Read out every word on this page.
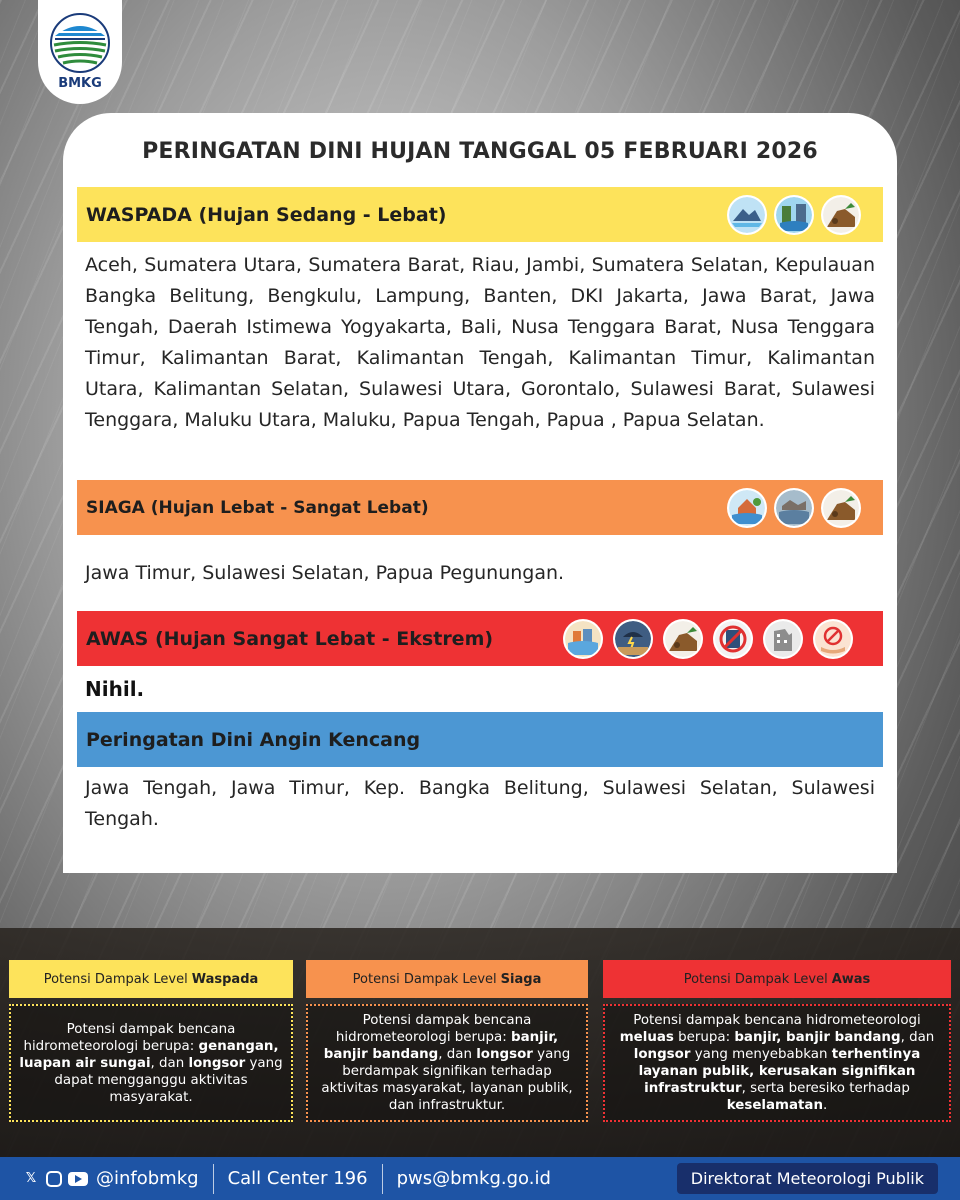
BMKG
PERINGATAN DINI HUJAN TANGGAL 05 FEBRUARI 2026
WASPADA (Hujan Sedang - Lebat)
Aceh, Sumatera Utara, Sumatera Barat, Riau, Jambi, Sumatera Selatan, Kepulauan Bangka Belitung, Bengkulu, Lampung, Banten, DKI Jakarta, Jawa Barat, Jawa Tengah, Daerah Istimewa Yogyakarta, Bali, Nusa Tenggara Barat, Nusa Tenggara Timur, Kalimantan Barat, Kalimantan Tengah, Kalimantan Timur, Kalimantan Utara, Kalimantan Selatan, Sulawesi Utara, Gorontalo, Sulawesi Barat, Sulawesi Tenggara, Maluku Utara, Maluku, Papua Tengah, Papua , Papua Selatan.
SIAGA (Hujan Lebat - Sangat Lebat)
Jawa Timur, Sulawesi Selatan, Papua Pegunungan.
AWAS (Hujan Sangat Lebat - Ekstrem)
Nihil.
Peringatan Dini Angin Kencang
Jawa Tengah, Jawa Timur, Kep. Bangka Belitung, Sulawesi Selatan, Sulawesi Tengah.
Potensi Dampak Level Waspada
Potensi dampak bencana hidrometeorologi berupa: genangan, luapan air sungai, dan longsor yang dapat mengganggu aktivitas masyarakat.
Potensi Dampak Level Siaga
Potensi dampak bencana hidrometeorologi berupa: banjir, banjir bandang, dan longsor yang berdampak signifikan terhadap aktivitas masyarakat, layanan publik, dan infrastruktur.
Potensi Dampak Level Awas
Potensi dampak bencana hidrometeorologi meluas berupa: banjir, banjir bandang, dan longsor yang menyebabkan terhentinya layanan publik, kerusakan signifikan infrastruktur, serta beresiko terhadap keselamatan.
𝕏	@infobmkg Call Center 196 pws@bmkg.go.id	Direktorat Meteorologi Publik
